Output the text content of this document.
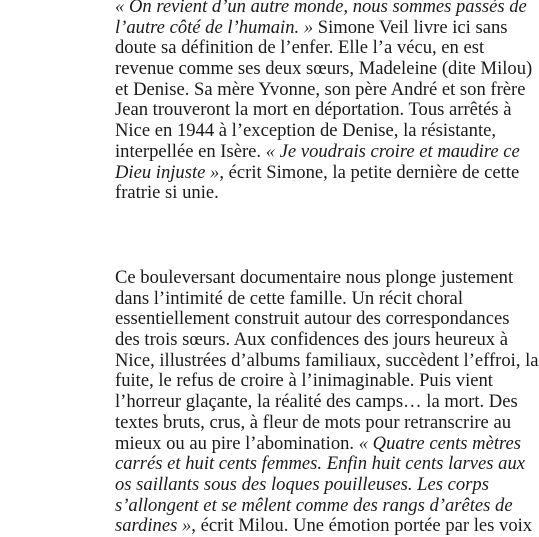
« On revient d’un autre monde, nous sommes passés de
l’autre côté de l’humain. » Simone Veil livre ici sans
doute sa définition de l’enfer. Elle l’a vécu, en est
revenue comme ses deux sœurs, Madeleine (dite Milou)
et Denise. Sa mère Yvonne, son père André et son frère
Jean trouveront la mort en déportation. Tous arrêtés à
Nice en 1944 à l’exception de Denise, la résistante,
interpellée en Isère. « Je voudrais croire et maudire ce
Dieu injuste », écrit Simone, la petite dernière de cette
fratrie si unie.

Ce bouleversant documentaire nous plonge justement
dans l’intimité de cette famille. Un récit choral
essentiellement construit autour des correspondances
des trois sœurs. Aux confidences des jours heureux à
Nice, illustrées d’albums familiaux, succèdent l’effroi, la
fuite, le refus de croire à l’inimaginable. Puis vient
l’horreur glaçante, la réalité des camps… la mort. Des
textes bruts, crus, à fleur de mots pour retranscrire au
mieux ou au pire l’abomination. « Quatre cents mètres
carrés et huit cents femmes. Enfin huit cents larves aux
os saillants sous des loques pouilleuses. Les corps
s’allongent et se mêlent comme des rangs d’arêtes de
sardines », écrit Milou. Une émotion portée par les voix
